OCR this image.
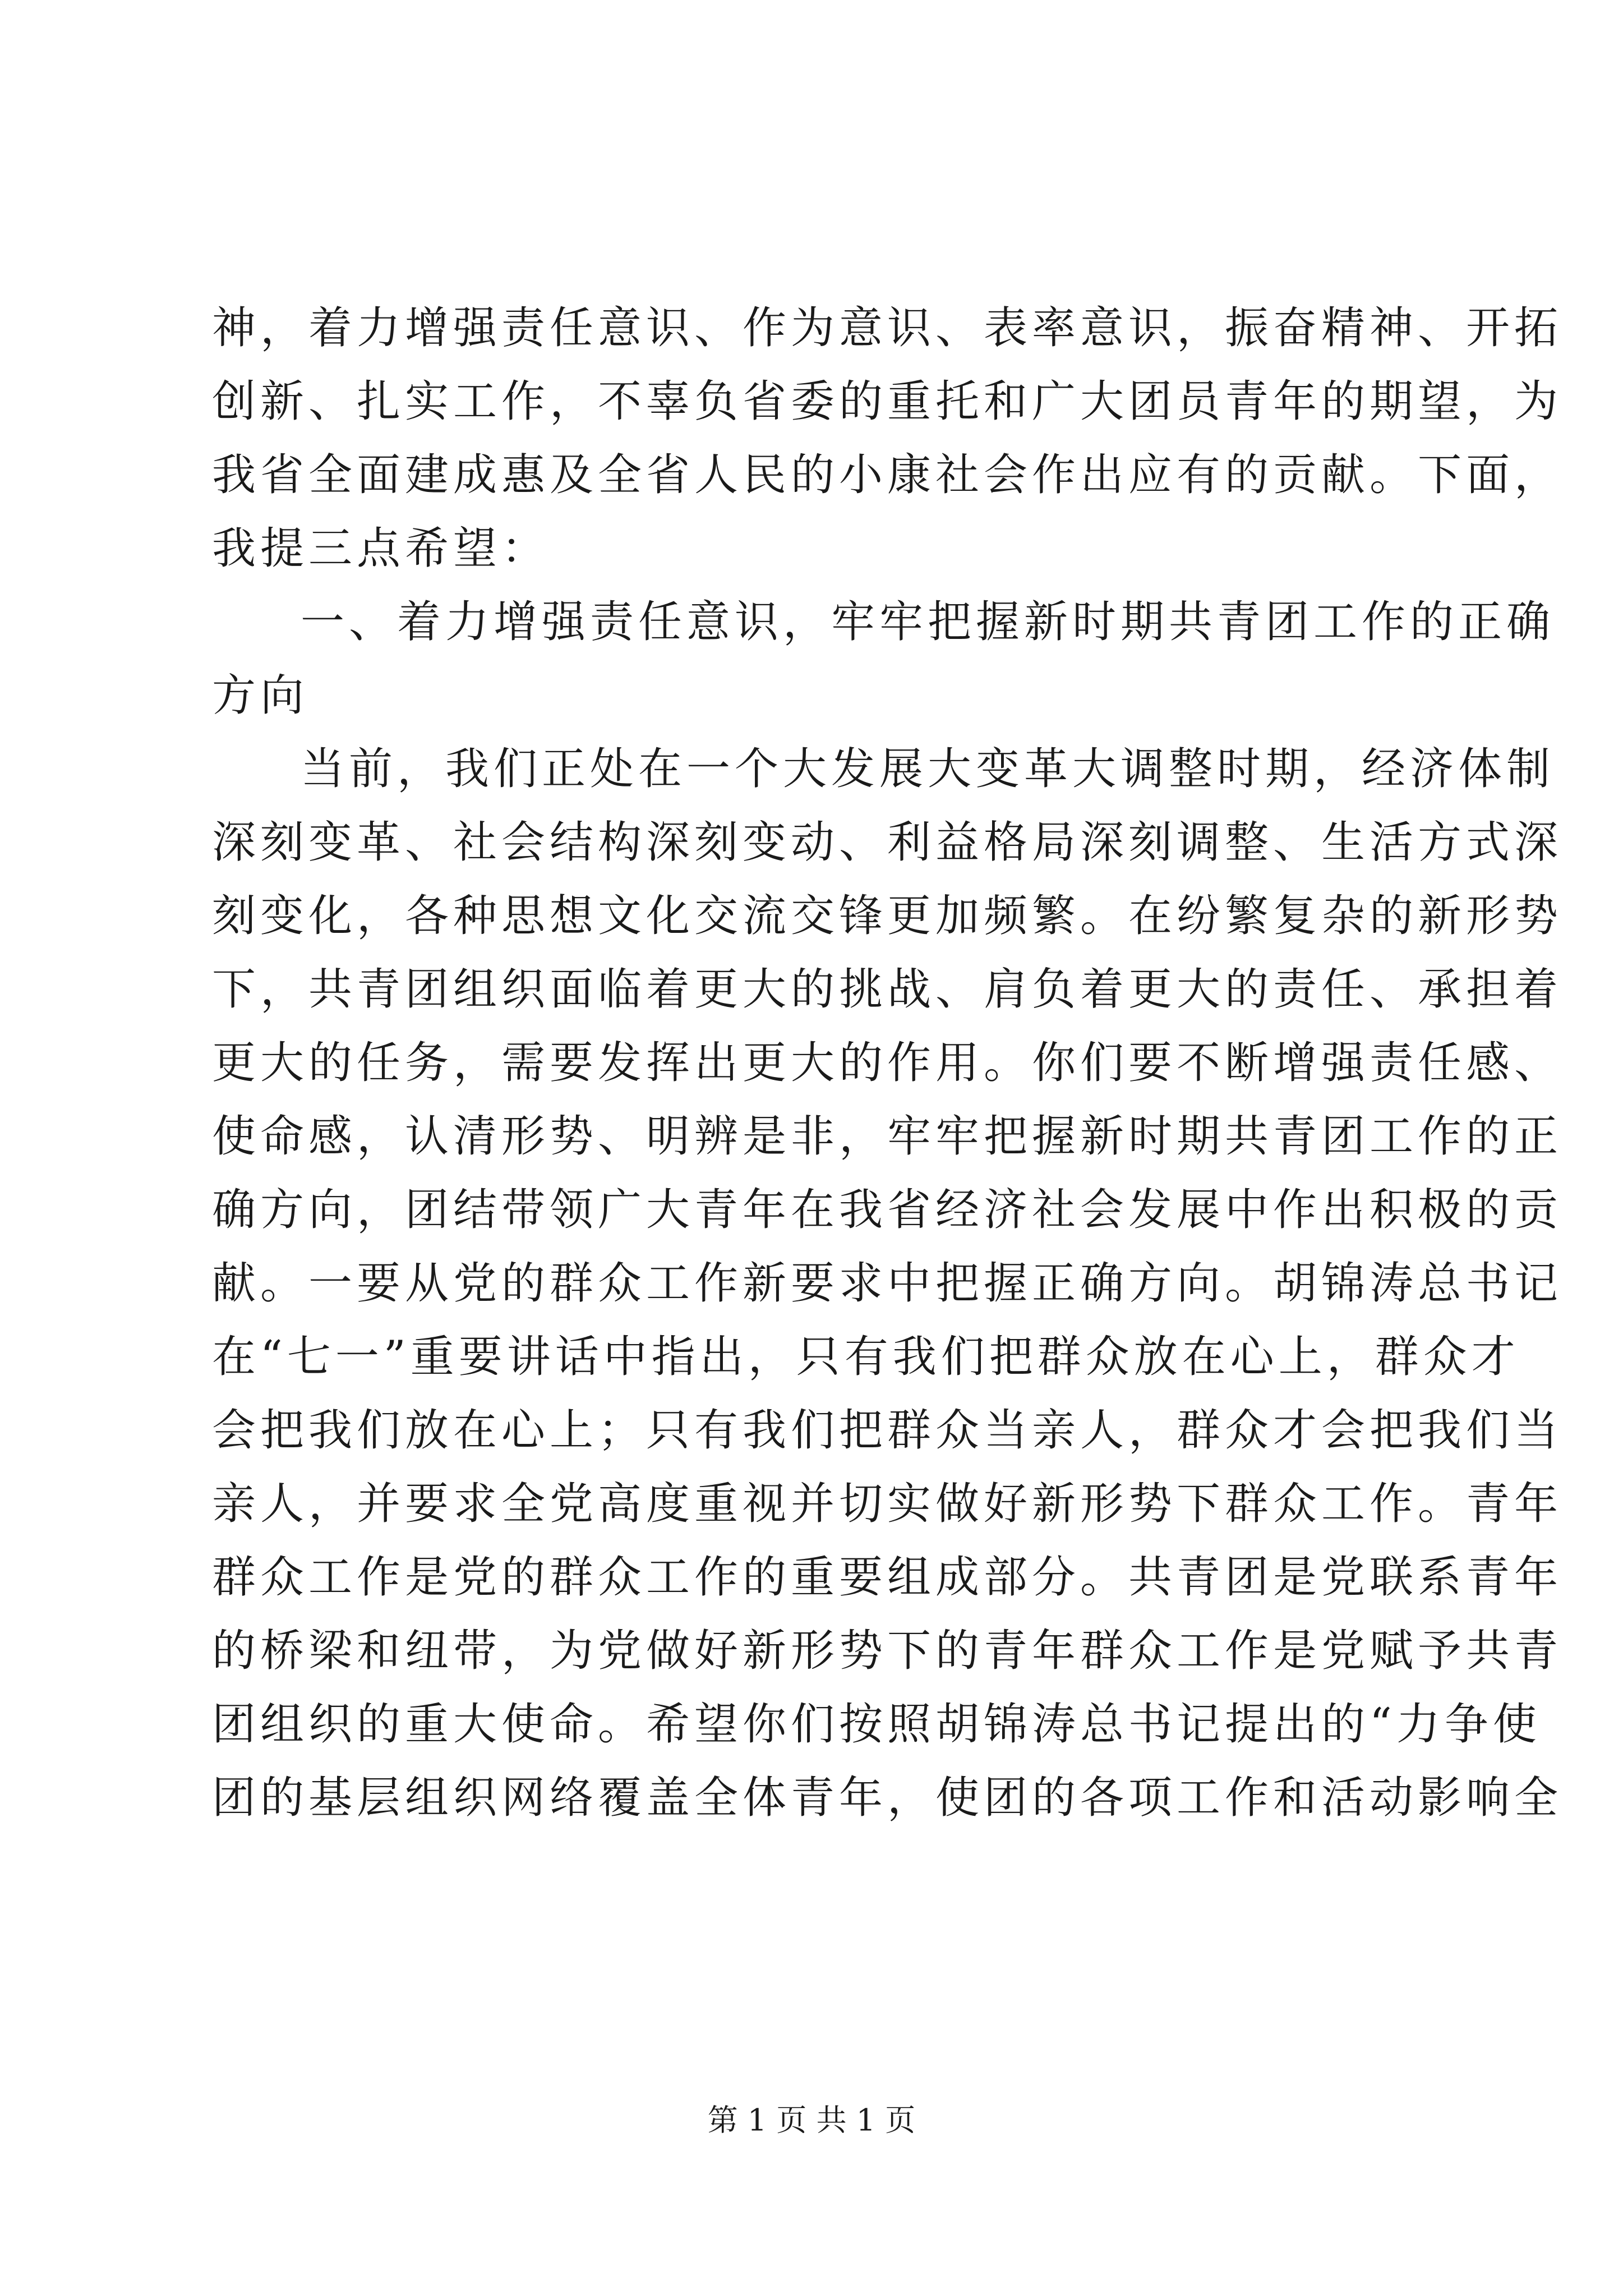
神，着力增强责任意识、作为意识、表率意识，振奋精神、开拓
创新、扎实工作，不辜负省委的重托和广大团员青年的期望，为
我省全面建成惠及全省人民的小康社会作出应有的贡献。下面，
我提三点希望：
一、着力增强责任意识，牢牢把握新时期共青团工作的正确
方向
当前，我们正处在一个大发展大变革大调整时期，经济体制
深刻变革、社会结构深刻变动、利益格局深刻调整、生活方式深
刻变化，各种思想文化交流交锋更加频繁。在纷繁复杂的新形势
下，共青团组织面临着更大的挑战、肩负着更大的责任、承担着
更大的任务，需要发挥出更大的作用。你们要不断增强责任感、
使命感，认清形势、明辨是非，牢牢把握新时期共青团工作的正
确方向，团结带领广大青年在我省经济社会发展中作出积极的贡
献。一要从党的群众工作新要求中把握正确方向。胡锦涛总书记
在“七一”重要讲话中指出，只有我们把群众放在心上，群众才
会把我们放在心上；只有我们把群众当亲人，群众才会把我们当
亲人，并要求全党高度重视并切实做好新形势下群众工作。青年
群众工作是党的群众工作的重要组成部分。共青团是党联系青年
的桥梁和纽带，为党做好新形势下的青年群众工作是党赋予共青
团组织的重大使命。希望你们按照胡锦涛总书记提出的“力争使
团的基层组织网络覆盖全体青年，使团的各项工作和活动影响全
第 1 页 共 1 页
